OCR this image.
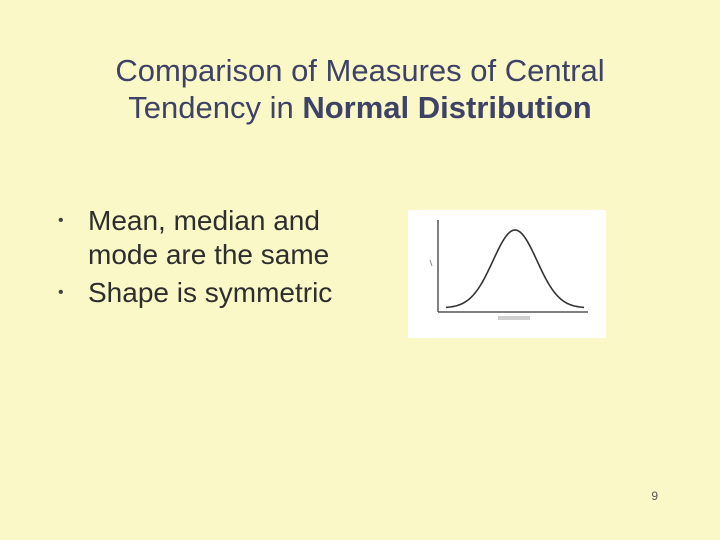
Comparison of Measures of Central
Tendency in Normal Distribution
• Mean, median and mode are the same
• Shape is symmetric
9
